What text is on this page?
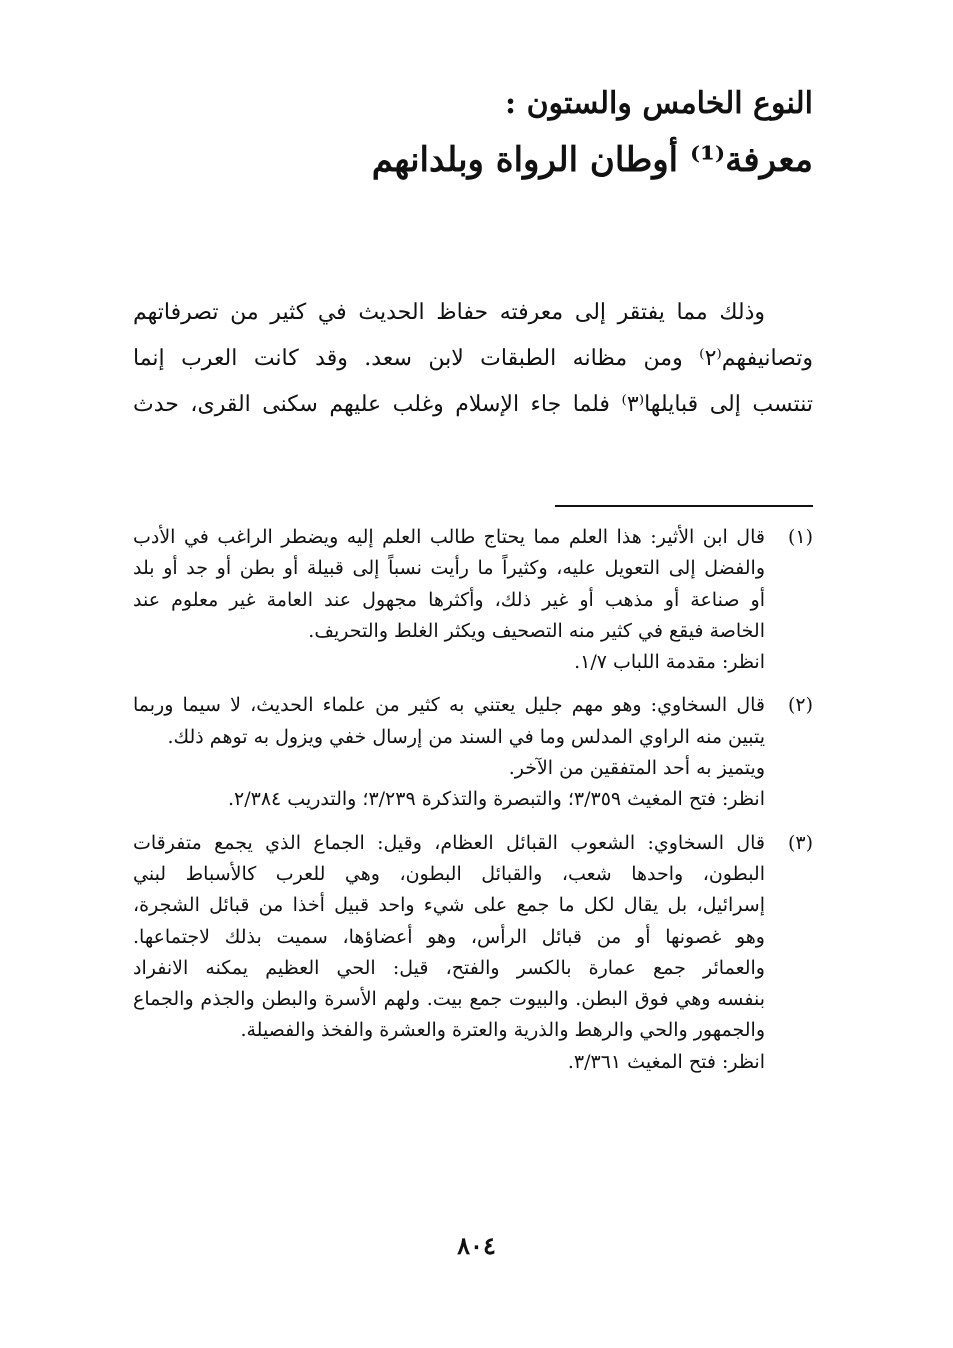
النوع الخامس والستون :
معرفة⁽¹⁾ أوطان الرواة وبلدانهم
وذلك مما يفتقر إلى معرفته حفاظ الحديث في كثير من تصرفاتهم
وتصانيفهم⁽٢⁾ ومن مظانه الطبقات لابن سعد. وقد كانت العرب إنما
تنتسب إلى قبايلها⁽٣⁾ فلما جاء الإسلام وغلب عليهم سكنى القرى، حدث
(١)
قال ابن الأثير: هذا العلم مما يحتاج طالب العلم إليه ويضطر الراغب في الأدب
والفضل إلى التعويل عليه، وكثيراً ما رأيت نسباً إلى قبيلة أو بطن أو جد أو بلد
أو صناعة أو مذهب أو غير ذلك، وأكثرها مجهول عند العامة غير معلوم عند
الخاصة فيقع في كثير منه التصحيف ويكثر الغلط والتحريف.
انظر: مقدمة اللباب ١/٧.
(٢)
قال السخاوي: وهو مهم جليل يعتني به كثير من علماء الحديث، لا سيما وربما
يتبين منه الراوي المدلس وما في السند من إرسال خفي ويزول به توهم ذلك.
ويتميز به أحد المتفقين من الآخر.
انظر: فتح المغيث ٣/٣٥٩؛ والتبصرة والتذكرة ٣/٢٣٩؛ والتدريب ٢/٣٨٤.
(٣)
قال السخاوي: الشعوب القبائل العظام، وقيل: الجماع الذي يجمع متفرقات
البطون، واحدها شعب، والقبائل البطون، وهي للعرب كالأسباط لبني
إسرائيل، بل يقال لكل ما جمع على شيء واحد قبيل أخذا من قبائل الشجرة،
وهو غصونها أو من قبائل الرأس، وهو أعضاؤها، سميت بذلك لاجتماعها.
والعمائر جمع عمارة بالكسر والفتح، قيل: الحي العظيم يمكنه الانفراد
بنفسه وهي فوق البطن. والبيوت جمع بيت. ولهم الأسرة والبطن والجذم والجماع
والجمهور والحي والرهط والذرية والعترة والعشرة والفخذ والفصيلة.
انظر: فتح المغيث ٣/٣٦١.
٨٠٤
